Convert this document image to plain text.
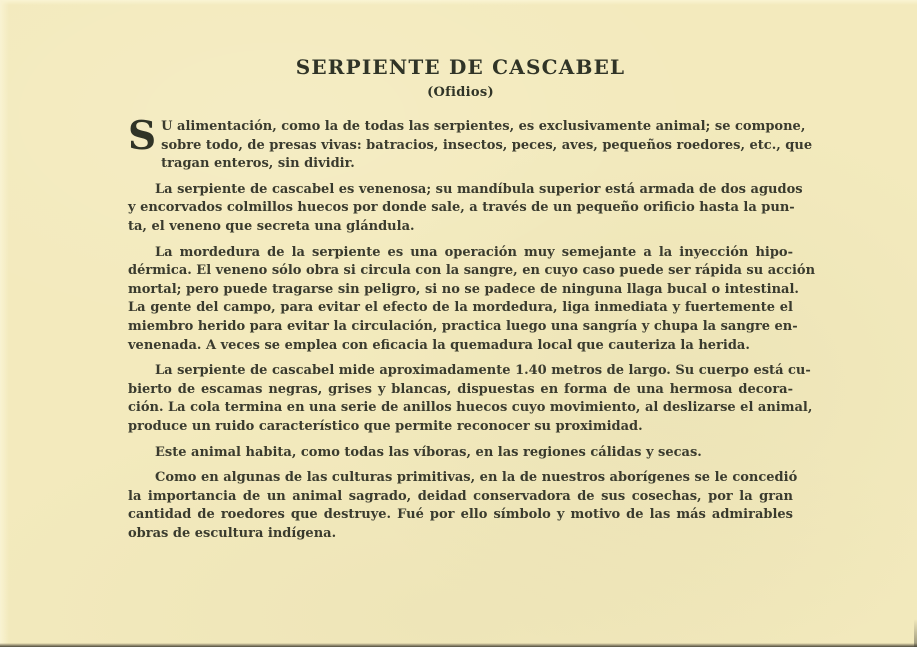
SERPIENTE DE CASCABEL
(Ofidios)
S U alimentación, como la de todas las serpientes, es exclusivamente animal; se compone,
sobre todo, de presas vivas: batracios, insectos, peces, aves, pequeños roedores, etc., que
tragan enteros, sin dividir.
La serpiente de cascabel es venenosa; su mandíbula superior está armada de dos agudos
y encorvados colmillos huecos por donde sale, a través de un pequeño orificio hasta la pun-
ta, el veneno que secreta una glándula.
La mordedura de la serpiente es una operación muy semejante a la inyección hipo-
dérmica. El veneno sólo obra si circula con la sangre, en cuyo caso puede ser rápida su acción
mortal; pero puede tragarse sin peligro, si no se padece de ninguna llaga bucal o intestinal.
La gente del campo, para evitar el efecto de la mordedura, liga inmediata y fuertemente el
miembro herido para evitar la circulación, practica luego una sangría y chupa la sangre en-
venenada. A veces se emplea con eficacia la quemadura local que cauteriza la herida.
La serpiente de cascabel mide aproximadamente 1.40 metros de largo. Su cuerpo está cu-
bierto de escamas negras, grises y blancas, dispuestas en forma de una hermosa decora-
ción. La cola termina en una serie de anillos huecos cuyo movimiento, al deslizarse el animal,
produce un ruido característico que permite reconocer su proximidad.
Este animal habita, como todas las víboras, en las regiones cálidas y secas.
Como en algunas de las culturas primitivas, en la de nuestros aborígenes se le concedió
la importancia de un animal sagrado, deidad conservadora de sus cosechas, por la gran
cantidad de roedores que destruye. Fué por ello símbolo y motivo de las más admirables
obras de escultura indígena.
